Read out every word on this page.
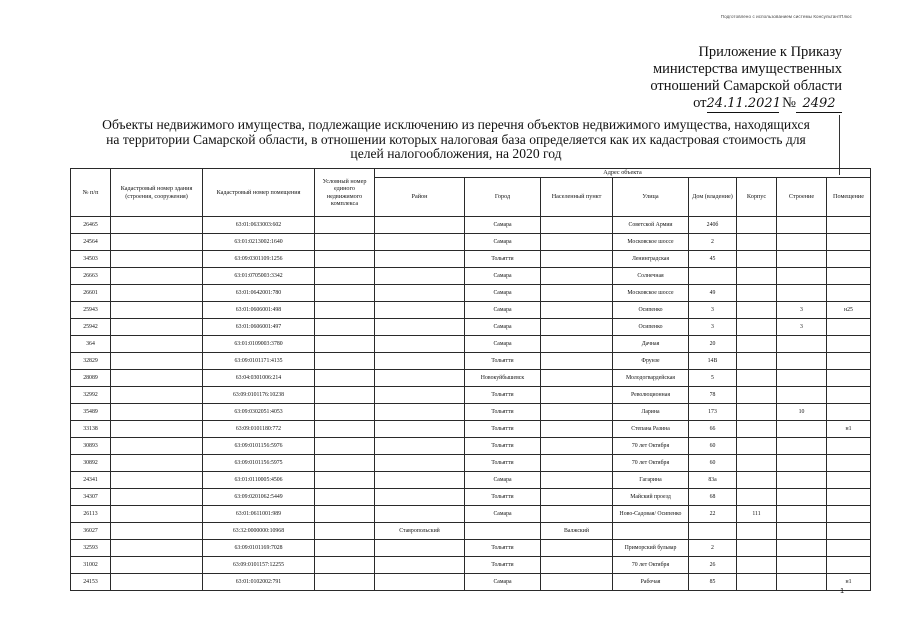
Подготовлено с использованием системы КонсультантПлюс
Приложение к Приказу
министерства имущественных
отношений Самарской области
от24.11.2021 № 2492
Объекты недвижимого имущества, подлежащие исключению из перечня объектов недвижимого имущества, находящихся на территории Самарской области, в отношении которых налоговая база определяется как их кадастровая стоимость для целей налогообложения, на 2020 год
№ п/п	Кадастровый номер здания (строения, сооружения)	Кадастровый номер помещения	Условный номер единого недвижимого комплекса	Адрес объекта							
				Район	Город	Населенный пункт	Улица	Дом (владение)	Корпус	Строение	Помещение
26465		63:01:0633003:602			Самара		Советской Армии	240б			
24564		63:01:0213002:1640			Самара		Московское шоссе	2			
34503		63:09:0301109:1256			Тольятти		Ленинградская	45			
26663		63:01:0705003:3342			Самара		Солнечная				
26601		63:01:0642001:780			Самара		Московское шоссе	49			
25943		63:01:0606001:498			Самара		Осипенко	3		3	н25
25942		63:01:0606001:497			Самара		Осипенко	3		3	
364		63:01:0109003:3780			Самара		Дачная	20			
32829		63:09:0101171:4135			Тольятти		Фрунзе	14В			
28089		63:04:0301006:214			Новокуйбышевск		Молодогвардейская	5			
32992		63:09:0101176:10238			Тольятти		Революционная	78			
35489		63:09:0302051:4053			Тольятти		Ларина	173		10	
33138		63:09:0101180:772			Тольятти		Степана Разина	66			н1
30893		63:09:0101156:5976			Тольятти		70 лет Октября	60			
30892		63:09:0101156:5975			Тольятти		70 лет Октября	60			
24341		63:01:0110005:4506			Самара		Гагарина	83а			
34307		63:09:0201062:5449			Тольятти		Майский проезд	68			
26113		63:01:0611001:989			Самара		Ново-Садовая/ Осипенко	22	111		
36027		63:32:0000000:10968		Ставропольский		Валжский					
32593		63:09:0101169:7028			Тольятти		Приморский бульвар	2			
31002		63:09:0101157:12255			Тольятти		70 лет Октября	26			
24153		63:01:0102002:791			Самара		Рабочая	85			н1
1
